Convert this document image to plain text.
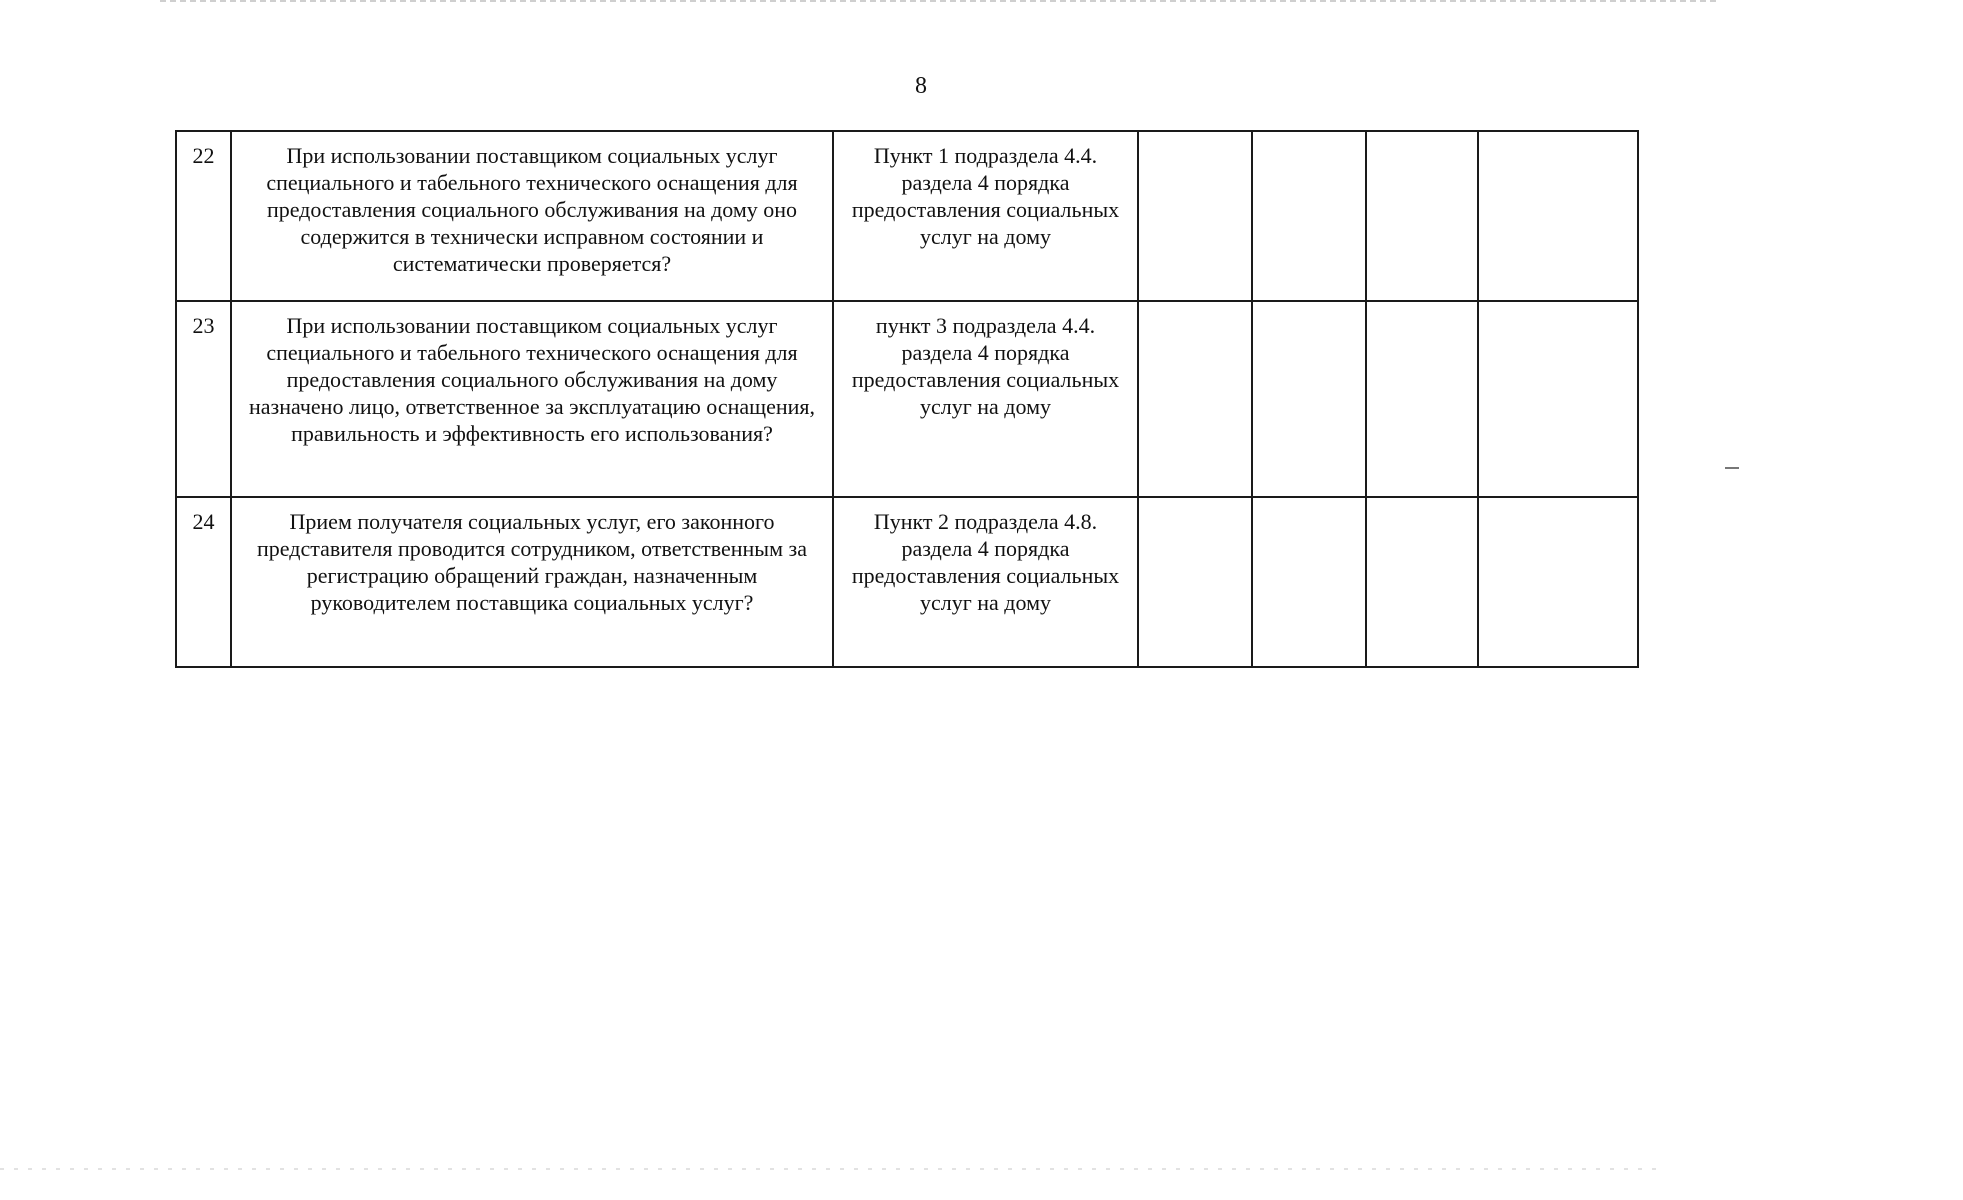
8
22	При использовании поставщиком социальных услуг специального и табельного технического оснащения для предоставления социального обслуживания на дому оно содержится в технически исправном состоянии и систематически проверяется?	Пункт 1 подраздела 4.4. раздела 4 порядка предоставления социальных услуг на дому				
23	При использовании поставщиком социальных услуг специального и табельного технического оснащения для предоставления социального обслуживания на дому назначено лицо, ответственное за эксплуатацию оснащения, правильность и эффективность его использования?	пункт 3 подраздела 4.4. раздела 4 порядка предоставления социальных услуг на дому				
24	Прием получателя социальных услуг, его законного представителя проводится сотрудником, ответственным за регистрацию обращений граждан, назначенным руководителем поставщика социальных услуг?	Пункт 2 подраздела 4.8. раздела 4 порядка предоставления социальных услуг на дому				
